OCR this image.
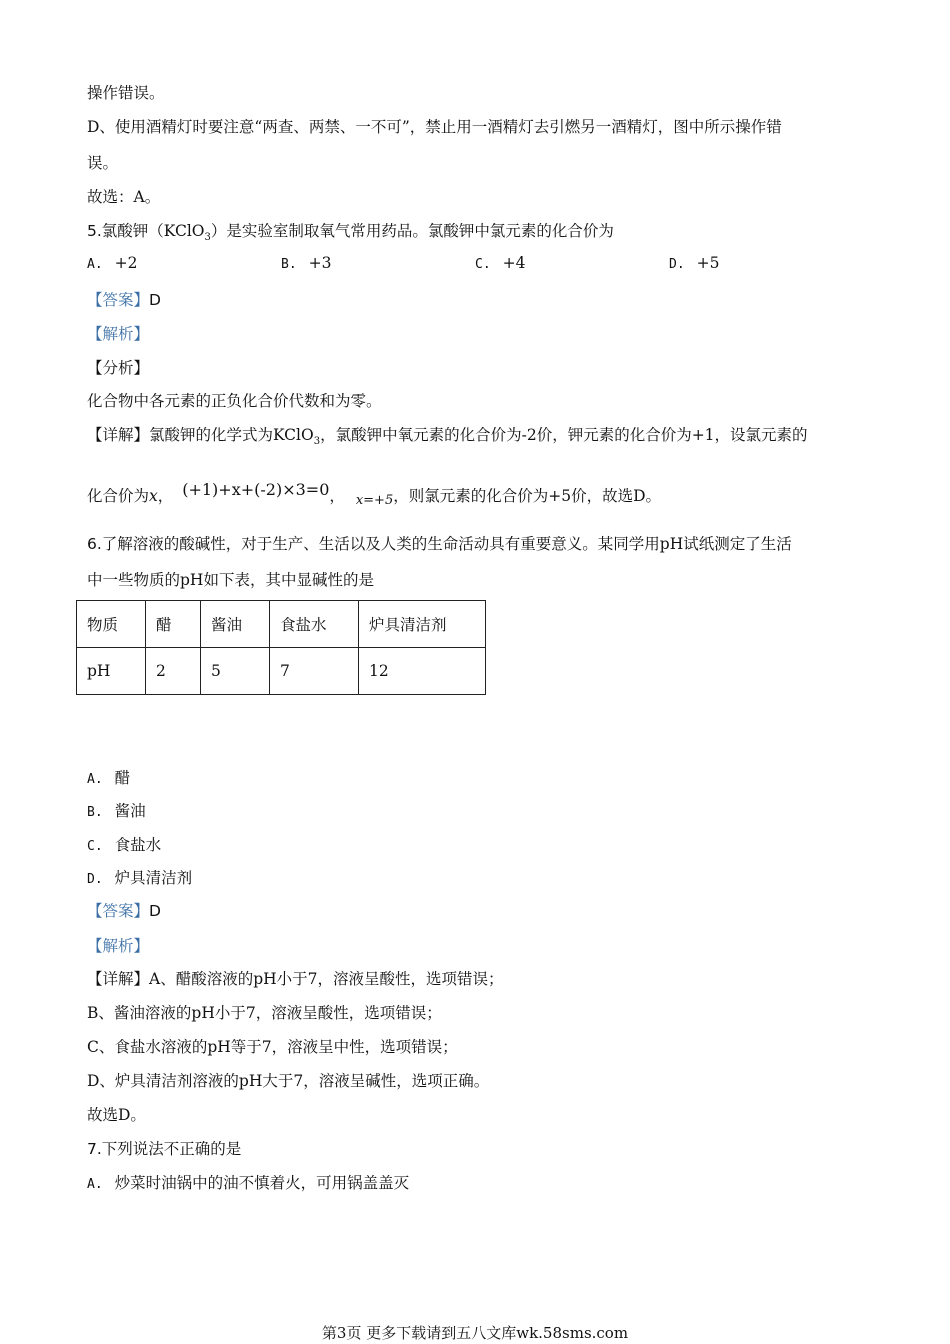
操作错误。
D、使用酒精灯时要注意“两查、两禁、一不可”，禁止用一酒精灯去引燃另一酒精灯，图中所示操作错
误。
故选：A。
5.氯酸钾（KClO$_3$）是实验室制取氧气常用药品。氯酸钾中氯元素的化合价为
A. +2	B. +3	C. +4	D. +5
【答案】D
【解析】
【分析】
化合物中各元素的正负化合价代数和为零。
【详解】氯酸钾的化学式为KClO$_3$，氯酸钾中氧元素的化合价为-2价，钾元素的化合价为+1，设氯元素的
化合价为x， (+1)+x+(-2)×3=0， x=+5，则氯元素的化合价为+5价，故选D。
6.了解溶液的酸碱性，对于生产、生活以及人类的生命活动具有重要意义。某同学用pH试纸测定了生活
中一些物质的pH如下表，其中显碱性的是
物质	醋	酱油	食盐水	炉具清洁剂
pH	2	5	7	12
A. 醋
B. 酱油
C. 食盐水
D. 炉具清洁剂
【答案】D
【解析】
【详解】A、醋酸溶液的pH小于7，溶液呈酸性，选项错误；
B、酱油溶液的pH小于7，溶液呈酸性，选项错误；
C、食盐水溶液的pH等于7，溶液呈中性，选项错误；
D、炉具清洁剂溶液的pH大于7，溶液呈碱性，选项正确。
故选D。
7.下列说法不正确的是
A. 炒菜时油锅中的油不慎着火，可用锅盖盖灭
第3页 更多下载请到五八文库wk.58sms.com
